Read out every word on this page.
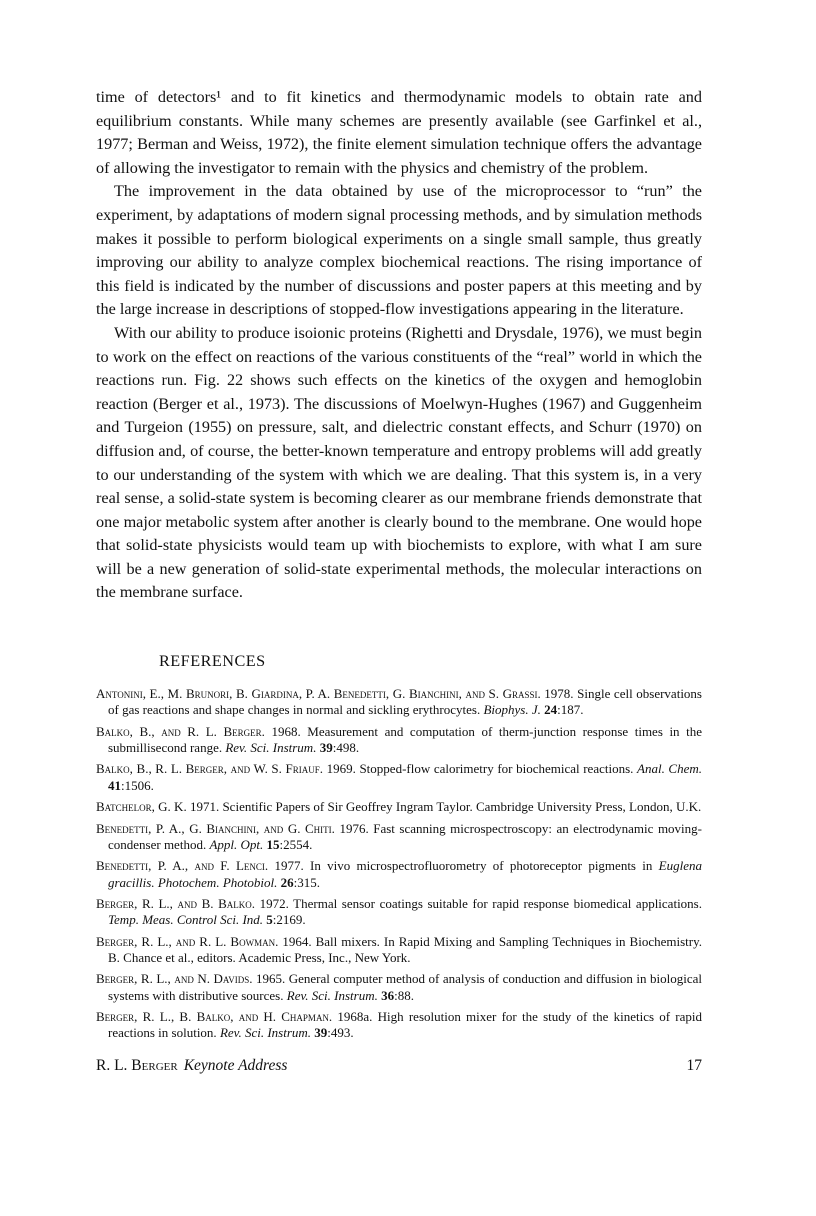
time of detectors¹ and to fit kinetics and thermodynamic models to obtain rate and equilibrium constants. While many schemes are presently available (see Garfinkel et al., 1977; Berman and Weiss, 1972), the finite element simulation technique offers the advantage of allowing the investigator to remain with the physics and chemistry of the problem.

The improvement in the data obtained by use of the microprocessor to “run” the experiment, by adaptations of modern signal processing methods, and by simulation methods makes it possible to perform biological experiments on a single small sample, thus greatly improving our ability to analyze complex biochemical reactions. The rising importance of this field is indicated by the number of discussions and poster papers at this meeting and by the large increase in descriptions of stopped-flow investigations appearing in the literature.

With our ability to produce isoionic proteins (Righetti and Drysdale, 1976), we must begin to work on the effect on reactions of the various constituents of the “real” world in which the reactions run. Fig. 22 shows such effects on the kinetics of the oxygen and hemoglobin reaction (Berger et al., 1973). The discussions of Moelwyn-Hughes (1967) and Guggenheim and Turgeion (1955) on pressure, salt, and dielectric constant effects, and Schurr (1970) on diffusion and, of course, the better-known temperature and entropy problems will add greatly to our understanding of the system with which we are dealing. That this system is, in a very real sense, a solid-state system is becoming clearer as our membrane friends demonstrate that one major metabolic system after another is clearly bound to the membrane. One would hope that solid-state physicists would team up with biochemists to explore, with what I am sure will be a new generation of solid-state experimental methods, the molecular interactions on the membrane surface.

REFERENCES

Antonini, E., M. Brunori, B. Giardina, P. A. Benedetti, G. Bianchini, and S. Grassi. 1978. Single cell observations of gas reactions and shape changes in normal and sickling erythrocytes. Biophys. J. 24:187.

Balko, B., and R. L. Berger. 1968. Measurement and computation of therm-junction response times in the submillisecond range. Rev. Sci. Instrum. 39:498.

Balko, B., R. L. Berger, and W. S. Friauf. 1969. Stopped-flow calorimetry for biochemical reactions. Anal. Chem. 41:1506.

Batchelor, G. K. 1971. Scientific Papers of Sir Geoffrey Ingram Taylor. Cambridge University Press, London, U.K.

Benedetti, P. A., G. Bianchini, and G. Chiti. 1976. Fast scanning microspectroscopy: an electrodynamic moving-condenser method. Appl. Opt. 15:2554.

Benedetti, P. A., and F. Lenci. 1977. In vivo microspectrofluorometry of photoreceptor pigments in Euglena gracillis. Photochem. Photobiol. 26:315.

Berger, R. L., and B. Balko. 1972. Thermal sensor coatings suitable for rapid response biomedical applications. Temp. Meas. Control Sci. Ind. 5:2169.

Berger, R. L., and R. L. Bowman. 1964. Ball mixers. In Rapid Mixing and Sampling Techniques in Biochemistry. B. Chance et al., editors. Academic Press, Inc., New York.

Berger, R. L., and N. Davids. 1965. General computer method of analysis of conduction and diffusion in biological systems with distributive sources. Rev. Sci. Instrum. 36:88.

Berger, R. L., B. Balko, and H. Chapman. 1968a. High resolution mixer for the study of the kinetics of rapid reactions in solution. Rev. Sci. Instrum. 39:493.

R. L. Berger Keynote Address	17
